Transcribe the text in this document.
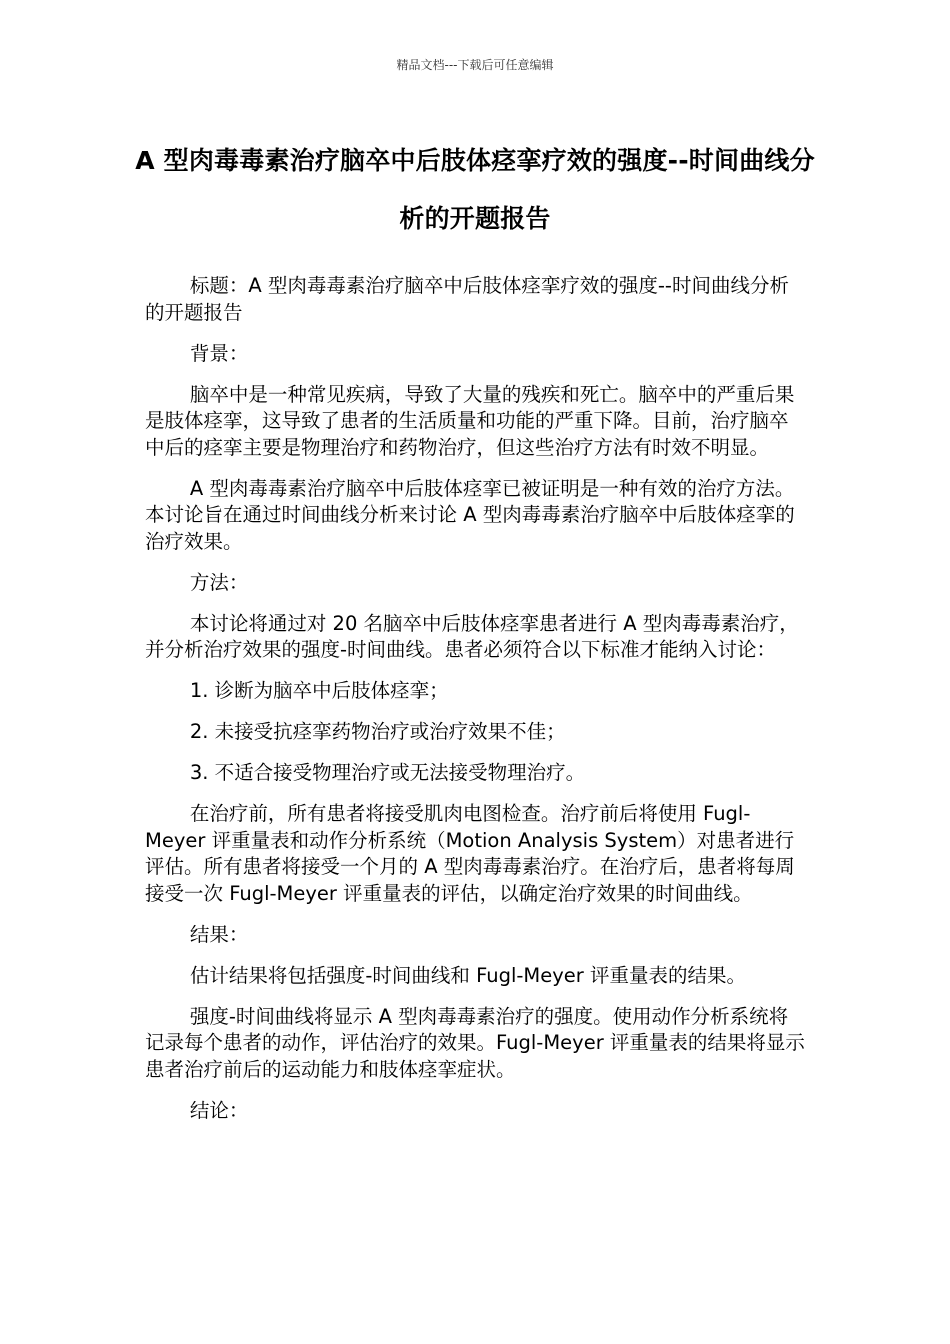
精品文档---下载后可任意编辑
A 型肉毒毒素治疗脑卒中后肢体痉挛疗效的强度--时间曲线分析的开题报告

标题：A 型肉毒毒素治疗脑卒中后肢体痉挛疗效的强度--时间曲线分析的开题报告

背景：

脑卒中是一种常见疾病，导致了大量的残疾和死亡。脑卒中的严重后果是肢体痉挛，这导致了患者的生活质量和功能的严重下降。目前，治疗脑卒中后的痉挛主要是物理治疗和药物治疗，但这些治疗方法有时效不明显。

A 型肉毒毒素治疗脑卒中后肢体痉挛已被证明是一种有效的治疗方法。本讨论旨在通过时间曲线分析来讨论 A 型肉毒毒素治疗脑卒中后肢体痉挛的治疗效果。

方法：

本讨论将通过对 20 名脑卒中后肢体痉挛患者进行 A 型肉毒毒素治疗，并分析治疗效果的强度-时间曲线。患者必须符合以下标准才能纳入讨论：

1. 诊断为脑卒中后肢体痉挛；

2. 未接受抗痉挛药物治疗或治疗效果不佳；

3. 不适合接受物理治疗或无法接受物理治疗。

在治疗前，所有患者将接受肌肉电图检查。治疗前后将使用 Fugl-Meyer 评重量表和动作分析系统（Motion Analysis System）对患者进行评估。所有患者将接受一个月的 A 型肉毒毒素治疗。在治疗后，患者将每周接受一次 Fugl-Meyer 评重量表的评估，以确定治疗效果的时间曲线。

结果：

估计结果将包括强度-时间曲线和 Fugl-Meyer 评重量表的结果。

强度-时间曲线将显示 A 型肉毒毒素治疗的强度。使用动作分析系统将记录每个患者的动作，评估治疗的效果。Fugl-Meyer 评重量表的结果将显示患者治疗前后的运动能力和肢体痉挛症状。

结论：
